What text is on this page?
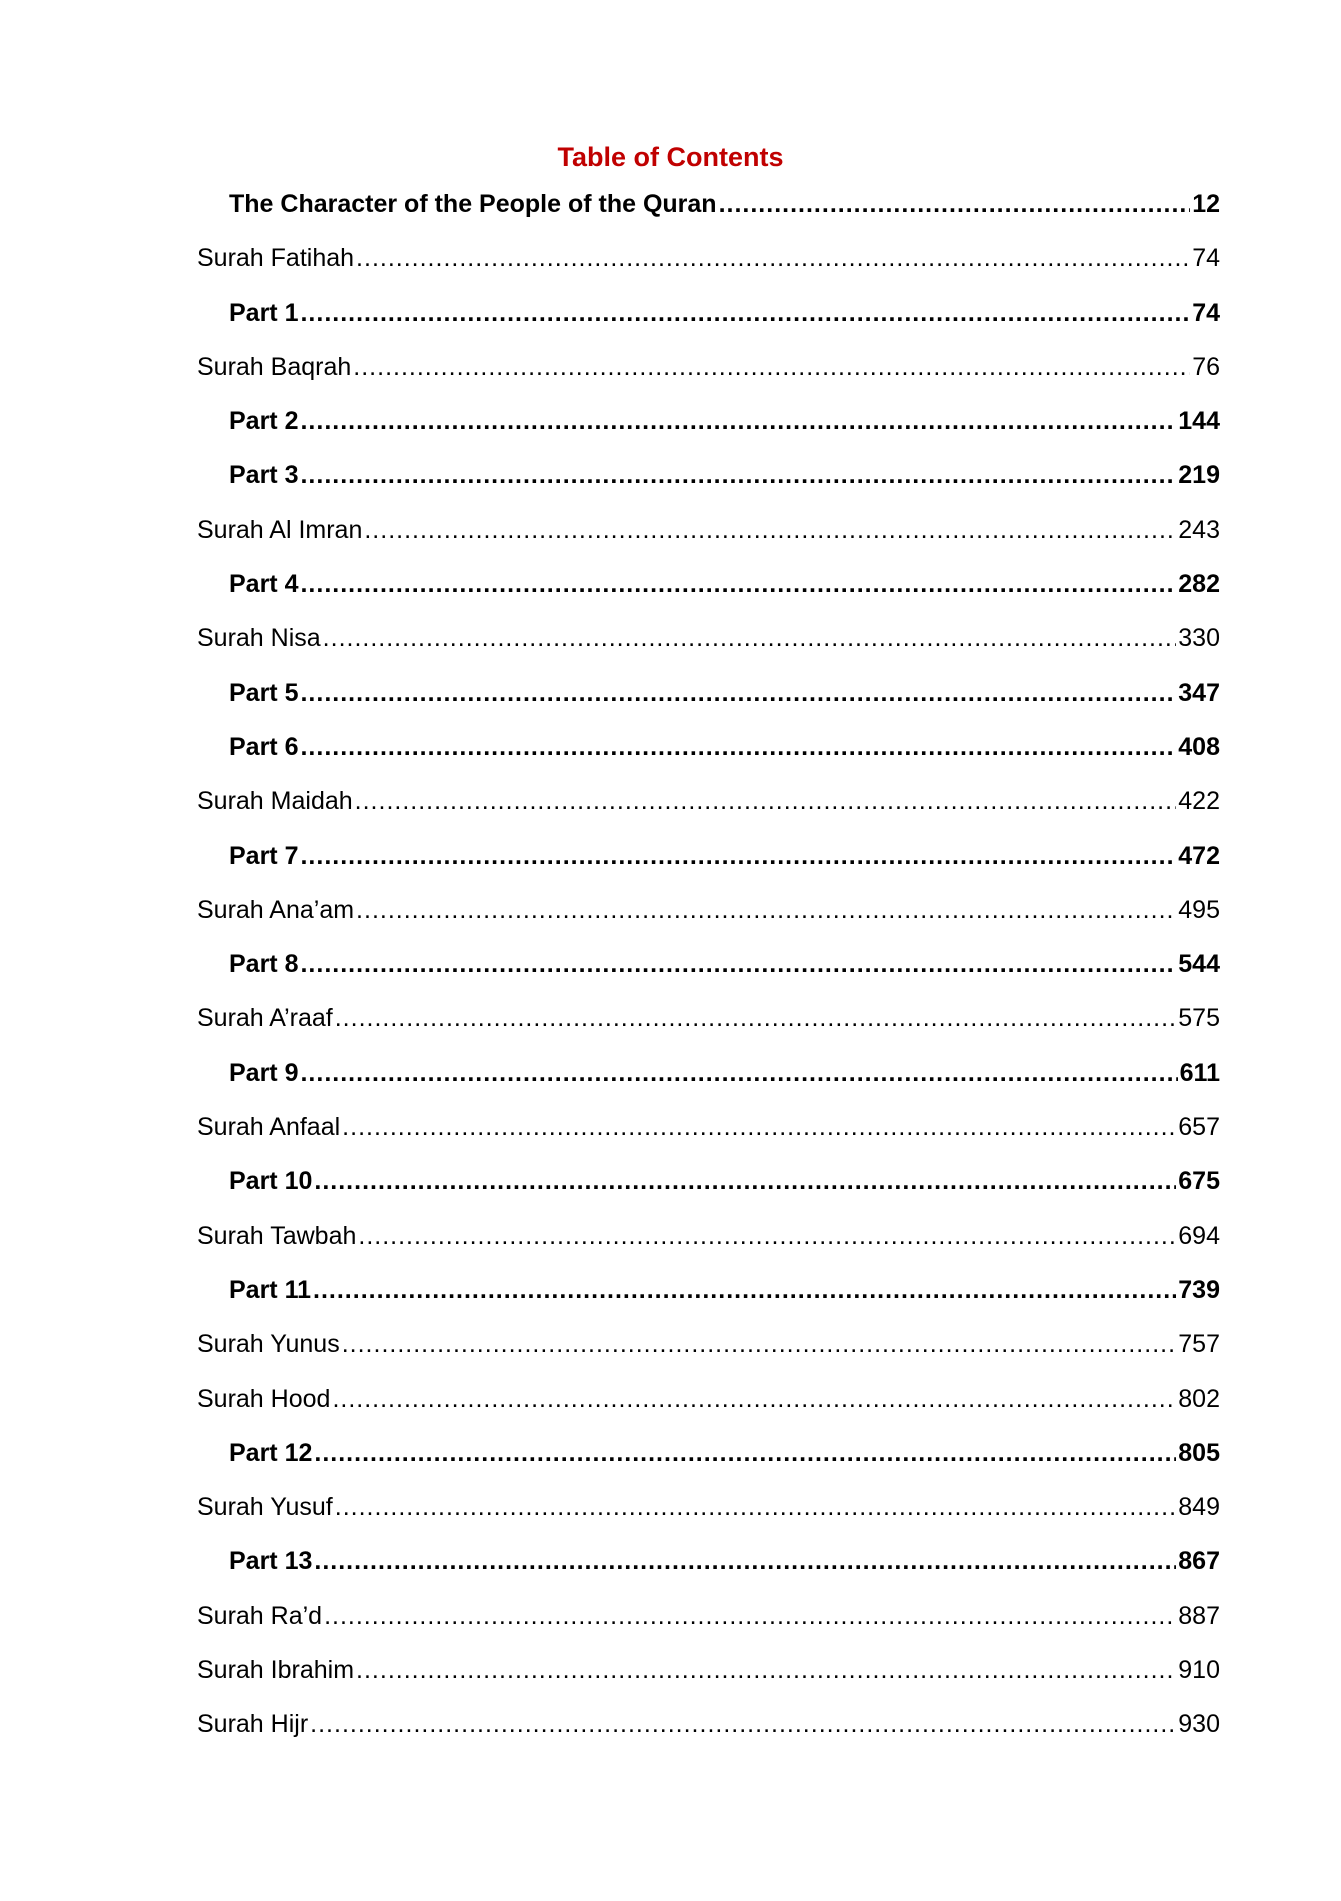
Table of Contents
The Character of the People of the Quran .....	12
Surah Fatihah .....	74
Part 1 .....	74
Surah Baqrah .....	76
Part 2 .....	144
Part 3 .....	219
Surah Al Imran .....	243
Part 4 .....	282
Surah Nisa .....	330
Part 5 .....	347
Part 6 .....	408
Surah Maidah .....	422
Part 7 .....	472
Surah Ana’am .....	495
Part 8 .....	544
Surah A’raaf .....	575
Part 9 .....	611
Surah Anfaal .....	657
Part 10 .....	675
Surah Tawbah .....	694
Part 11 .....	739
Surah Yunus .....	757
Surah Hood .....	802
Part 12 .....	805
Surah Yusuf .....	849
Part 13 .....	867
Surah Ra’d .....	887
Surah Ibrahim .....	910
Surah Hijr .....	930
